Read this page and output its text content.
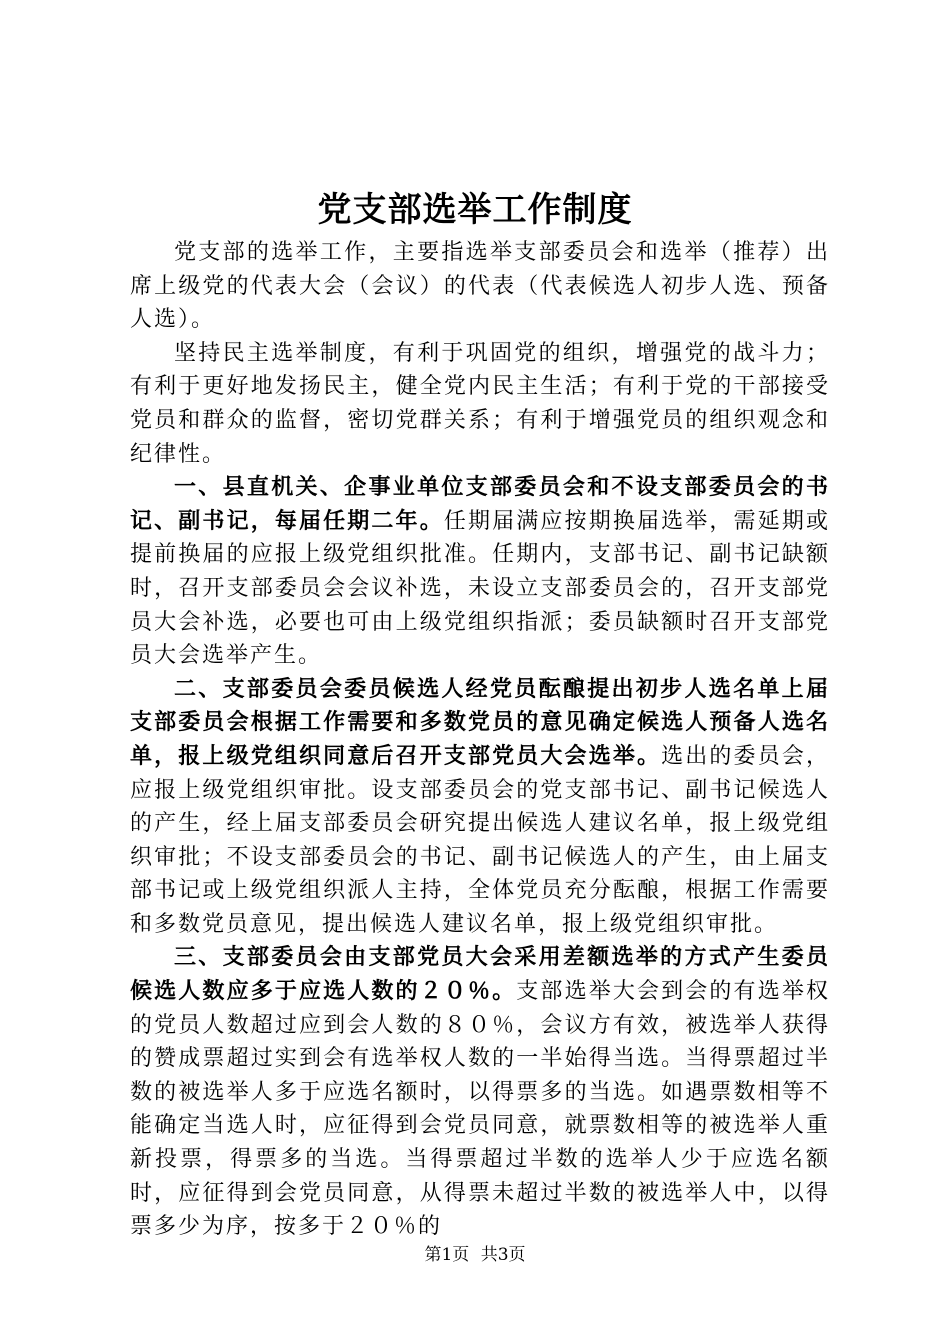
党支部选举工作制度

党支部的选举工作，主要指选举支部委员会和选举（推荐）出席上级党的代表大会（会议）的代表（代表候选人初步人选、预备人选）。

坚持民主选举制度，有利于巩固党的组织，增强党的战斗力；有利于更好地发扬民主，健全党内民主生活；有利于党的干部接受党员和群众的监督，密切党群关系；有利于增强党员的组织观念和纪律性。

一、县直机关、企事业单位支部委员会和不设支部委员会的书记、副书记，每届任期二年。任期届满应按期换届选举，需延期或提前换届的应报上级党组织批准。任期内，支部书记、副书记缺额时，召开支部委员会会议补选，未设立支部委员会的，召开支部党员大会补选，必要也可由上级党组织指派；委员缺额时召开支部党员大会选举产生。

二、支部委员会委员候选人经党员酝酿提出初步人选名单上届支部委员会根据工作需要和多数党员的意见确定候选人预备人选名单，报上级党组织同意后召开支部党员大会选举。选出的委员会，应报上级党组织审批。设支部委员会的党支部书记、副书记候选人的产生，经上届支部委员会研究提出候选人建议名单，报上级党组织审批；不设支部委员会的书记、副书记候选人的产生，由上届支部书记或上级党组织派人主持，全体党员充分酝酿，根据工作需要和多数党员意见，提出候选人建议名单，报上级党组织审批。

三、支部委员会由支部党员大会采用差额选举的方式产生委员候选人数应多于应选人数的２０％。支部选举大会到会的有选举权的党员人数超过应到会人数的８０％，会议方有效，被选举人获得的赞成票超过实到会有选举权人数的一半始得当选。当得票超过半数的被选举人多于应选名额时，以得票多的当选。如遇票数相等不能确定当选人时，应征得到会党员同意，就票数相等的被选举人重新投票，得票多的当选。当得票超过半数的选举人少于应选名额时，应征得到会党员同意，从得票未超过半数的被选举人中，以得票多少为序，按多于２０％的

第1页 共3页
